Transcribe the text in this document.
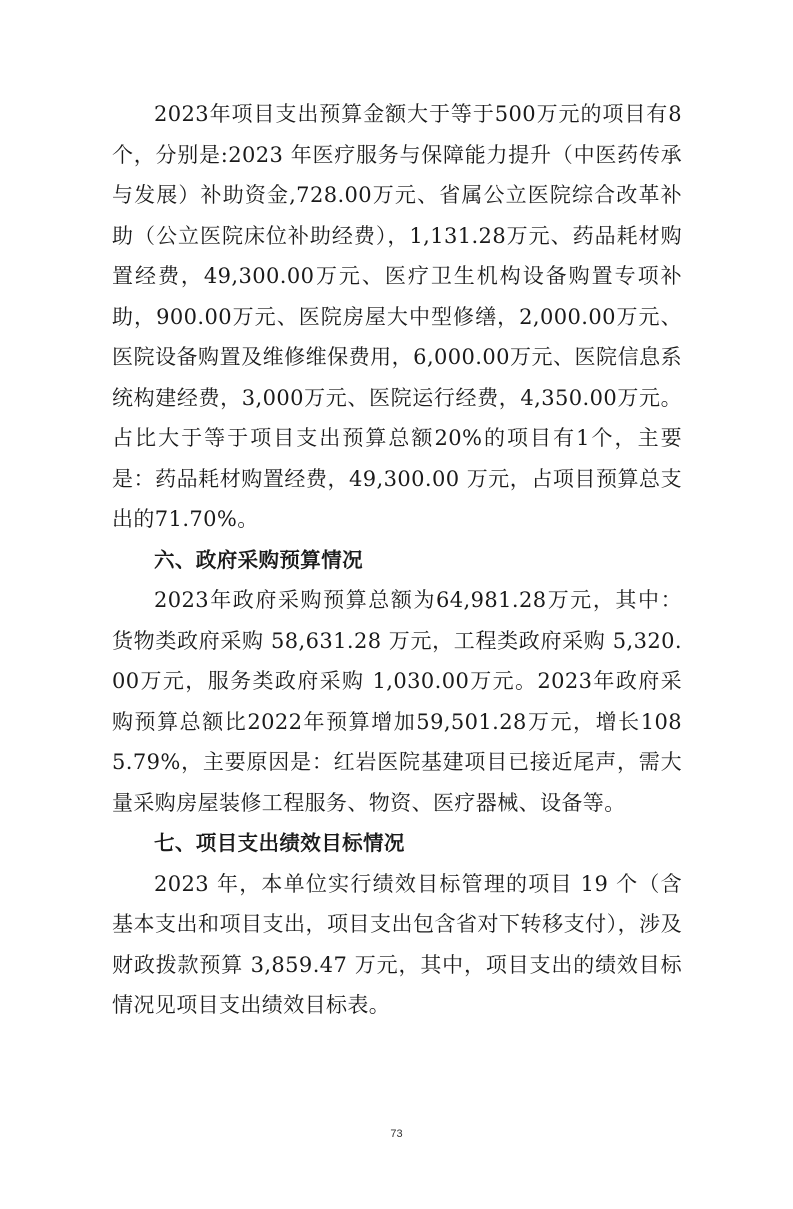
2023年项目支出预算金额大于等于500万元的项目有8个，分别是:2023 年医疗服务与保障能力提升（中医药传承与发展）补助资金,728.00万元、省属公立医院综合改革补助（公立医院床位补助经费），1,131.28万元、药品耗材购置经费，49,300.00万元、医疗卫生机构设备购置专项补助，900.00万元、医院房屋大中型修缮，2,000.00万元、医院设备购置及维修维保费用，6,000.00万元、医院信息系统构建经费，3,000万元、医院运行经费，4,350.00万元。占比大于等于项目支出预算总额20%的项目有1个，主要是：药品耗材购置经费，49,300.00 万元，占项目预算总支出的71.70%。

六、政府采购预算情况

2023年政府采购预算总额为64,981.28万元，其中：货物类政府采购 58,631.28 万元，工程类政府采购 5,320.00万元，服务类政府采购 1,030.00万元。2023年政府采购预算总额比2022年预算增加59,501.28万元，增长1085.79%，主要原因是：红岩医院基建项目已接近尾声，需大量采购房屋装修工程服务、物资、医疗器械、设备等。

七、项目支出绩效目标情况

2023 年，本单位实行绩效目标管理的项目 19 个（含基本支出和项目支出，项目支出包含省对下转移支付），涉及财政拨款预算 3,859.47 万元，其中，项目支出的绩效目标情况见项目支出绩效目标表。

73
